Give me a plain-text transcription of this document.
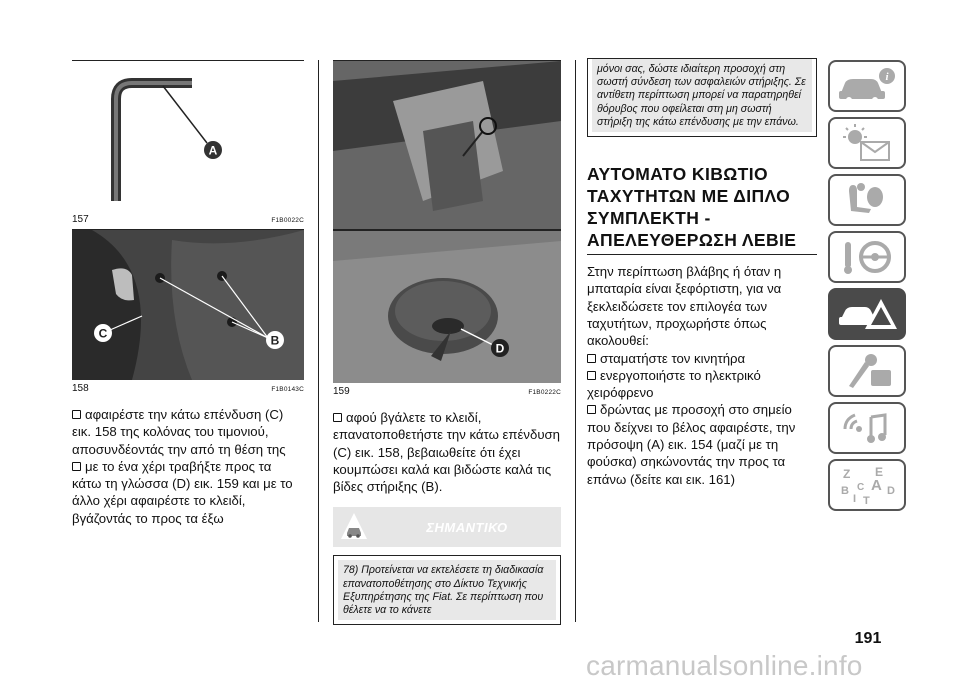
A
157	F1B0022C
C	B
158	F1B0143C

αφαιρέστε την κάτω επένδυση (C) εικ. 158 της κολόνας του τιμονιού, αποσυνδέοντάς την από τη θέση της

με το ένα χέρι τραβήξτε προς τα κάτω τη γλώσσα (D) εικ. 159 και με το άλλο χέρι αφαιρέστε το κλειδί, βγάζοντάς το προς τα έξω

D
159	F1B0222C

αφού βγάλετε το κλειδί, επανατοποθετήστε την κάτω επένδυση (C) εικ. 158, βεβαιωθείτε ότι έχει κουμπώσει καλά και βιδώστε καλά τις βίδες στήριξης (B).

ΣΗΜΑΝΤΙΚΟ
78) Προτείνεται να εκτελέσετε τη διαδικασία επανατοποθέτησης στο Δίκτυο Τεχνικής Εξυπηρέτησης της Fiat. Σε περίπτωση που θέλετε να το κάνετε
μόνοι σας, δώστε ιδιαίτερη προσοχή στη σωστή σύνδεση των ασφαλειών στήριξης. Σε αντίθετη περίπτωση μπορεί να παρατηρηθεί θόρυβος που οφείλεται στη μη σωστή στήριξη της κάτω επένδυσης με την επάνω.
ΑΥΤΟΜΑΤΟ ΚΙΒΩΤΙΟ ΤΑΧΥΤΗΤΩΝ ΜΕ ΔΙΠΛΟ ΣΥΜΠΛΕΚΤΗ - ΑΠΕΛΕΥΘΕΡΩΣΗ ΛΕΒΙΕ

Στην περίπτωση βλάβης ή όταν η μπαταρία είναι ξεφόρτιστη, για να ξεκλειδώσετε τον επιλογέα των ταχυτήτων, προχωρήστε όπως ακολουθεί:

σταματήστε τον κινητήρα

ενεργοποιήστε το ηλεκτρικό χειρόφρενο

δρώντας με προσοχή στο σημείο που δείχνει το βέλος αφαιρέστε, την πρόσοψη (A) εικ. 154 (μαζί με τη φούσκα) σηκώνοντάς την προς τα επάνω (δείτε και εικ. 161)

i
Z E
A
B	D
I T
C
191
carmanualsonline.info
